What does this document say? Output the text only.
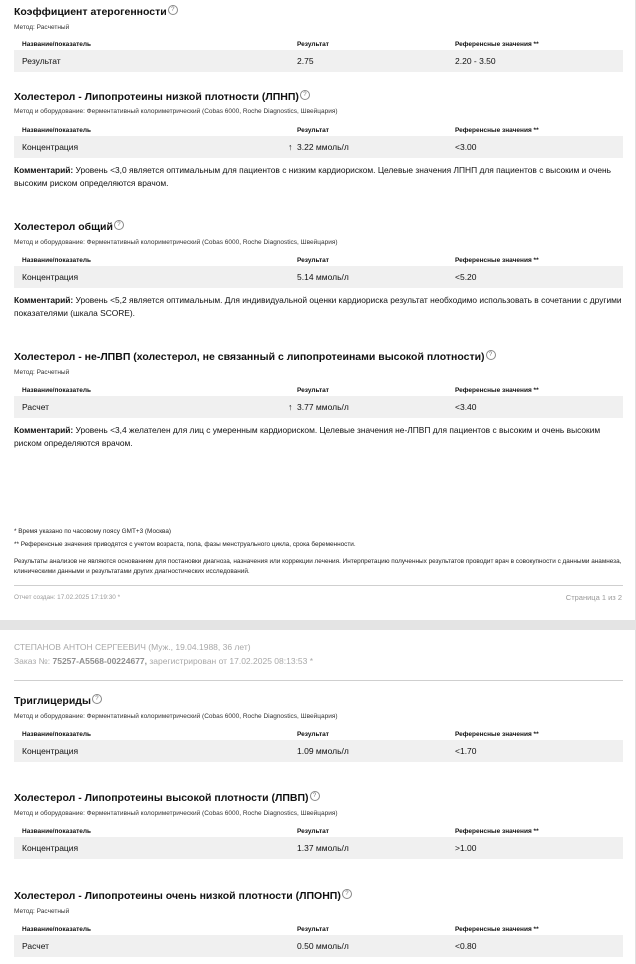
Коэффициент атерогенности ?
Метод: Расчетный
Название/показатель	Результат	Референсные значения **
Результат	2.75	2.20 - 3.50
Холестерол - Липопротеины низкой плотности (ЛПНП) ?
Метод и оборудование: Ферментативный колориметрический (Cobas 6000, Roche Diagnostics, Швейцария)
Название/показатель	Результат	Референсные значения **
Концентрация	↑ 3.22 ммоль/л	<3.00
Комментарий: Уровень <3,0 является оптимальным для пациентов с низким кардиориском. Целевые значения ЛПНП для пациентов с высоким и очень высоким риском определяются врачом.
Холестерол общий ?
Метод и оборудование: Ферментативный колориметрический (Cobas 6000, Roche Diagnostics, Швейцария)
Название/показатель	Результат	Референсные значения **
Концентрация	5.14 ммоль/л	<5.20
Комментарий: Уровень <5,2 является оптимальным. Для индивидуальной оценки кардиориска результат необходимо использовать в сочетании с другими показателями (шкала SCORE).
Холестерол - не-ЛПВП (холестерол, не связанный с липопротеинами высокой плотности) ?
Метод: Расчетный
Название/показатель	Результат	Референсные значения **
Расчет	↑ 3.77 ммоль/л	<3.40
Комментарий: Уровень <3,4 желателен для лиц с умеренным кардиориском. Целевые значения не-ЛПВП для пациентов с высоким и очень высоким риском определяются врачом.
* Время указано по часовому поясу GMT+3 (Москва)
** Референсные значения приводятся с учетом возраста, пола, фазы менструального цикла, срока беременности.
Результаты анализов не являются основанием для постановки диагноза, назначения или коррекции лечения. Интерпретацию полученных результатов проводит врач в совокупности с данными анамнеза, клиническими данными и результатами других диагностических исследований.
Отчет создан: 17.02.2025 17:19:30 *	Страница 1 из 2
СТЕПАНОВ АНТОН СЕРГЕЕВИЧ (Муж., 19.04.1988, 36 лет)
Заказ №: 75257-A5568-00224677, зарегистрирован от 17.02.2025 08:13:53 *
Триглицериды ?
Метод и оборудование: Ферментативный колориметрический (Cobas 6000, Roche Diagnostics, Швейцария)
Название/показатель	Результат	Референсные значения **
Концентрация	1.09 ммоль/л	<1.70
Холестерол - Липопротеины высокой плотности (ЛПВП) ?
Метод и оборудование: Ферментативный колориметрический (Cobas 6000, Roche Diagnostics, Швейцария)
Название/показатель	Результат	Референсные значения **
Концентрация	1.37 ммоль/л	>1.00
Холестерол - Липопротеины очень низкой плотности (ЛПОНП) ?
Метод: Расчетный
Название/показатель	Результат	Референсные значения **
Расчет	0.50 ммоль/л	<0.80
